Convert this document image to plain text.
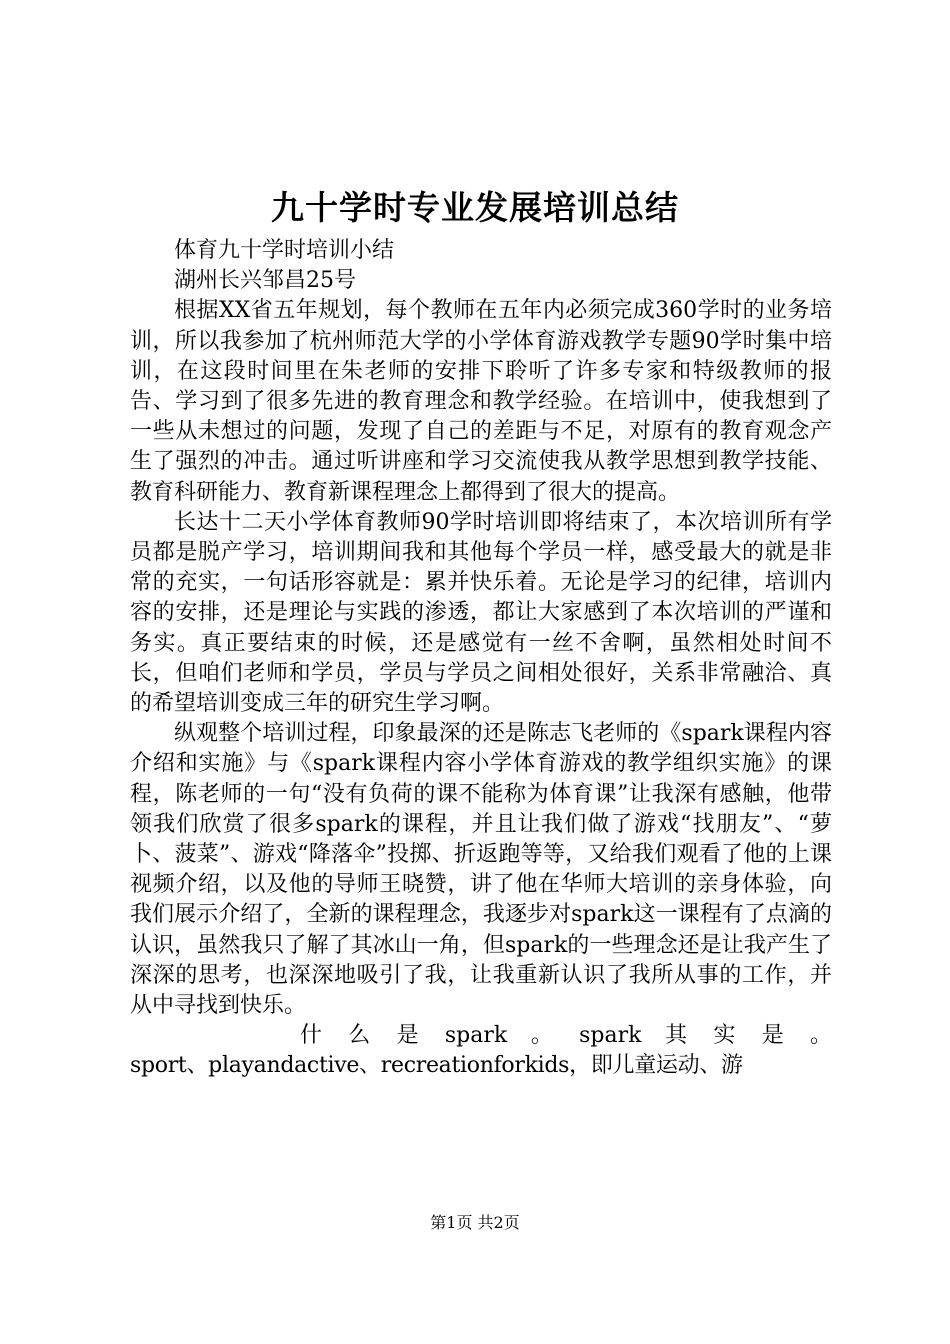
九十学时专业发展培训总结

体育九十学时培训小结

湖州长兴邹昌25号

根据XX省五年规划，每个教师在五年内必须完成360学时的业务培训，所以我参加了杭州师范大学的小学体育游戏教学专题90学时集中培训，在这段时间里在朱老师的安排下聆听了许多专家和特级教师的报告、学习到了很多先进的教育理念和教学经验。在培训中，使我想到了一些从未想过的问题，发现了自己的差距与不足，对原有的教育观念产生了强烈的冲击。通过听讲座和学习交流使我从教学思想到教学技能、教育科研能力、教育新课程理念上都得到了很大的提高。

长达十二天小学体育教师90学时培训即将结束了，本次培训所有学员都是脱产学习，培训期间我和其他每个学员一样，感受最大的就是非常的充实，一句话形容就是：累并快乐着。无论是学习的纪律，培训内容的安排，还是理论与实践的渗透，都让大家感到了本次培训的严谨和务实。真正要结束的时候，还是感觉有一丝不舍啊，虽然相处时间不长，但咱们老师和学员，学员与学员之间相处很好，关系非常融洽、真的希望培训变成三年的研究生学习啊。

纵观整个培训过程，印象最深的还是陈志飞老师的《spark课程内容介绍和实施》与《spark课程内容小学体育游戏的教学组织实施》的课程，陈老师的一句“没有负荷的课不能称为体育课”让我深有感触，他带领我们欣赏了很多spark的课程，并且让我们做了游戏“找朋友”、“萝卜、菠菜”、游戏“降落伞”投掷、折返跑等等，又给我们观看了他的上课视频介绍，以及他的导师王晓赞，讲了他在华师大培训的亲身体验，向我们展示介绍了，全新的课程理念，我逐步对spark这一课程有了点滴的认识，虽然我只了解了其冰山一角，但spark的一些理念还是让我产生了深深的思考，也深深地吸引了我，让我重新认识了我所从事的工作，并从中寻找到快乐。

什 么 是 spark 。 spark 其 实 是 。

sport、playandactive、recreationforkids，即儿童运动、游

第1页 共2页
